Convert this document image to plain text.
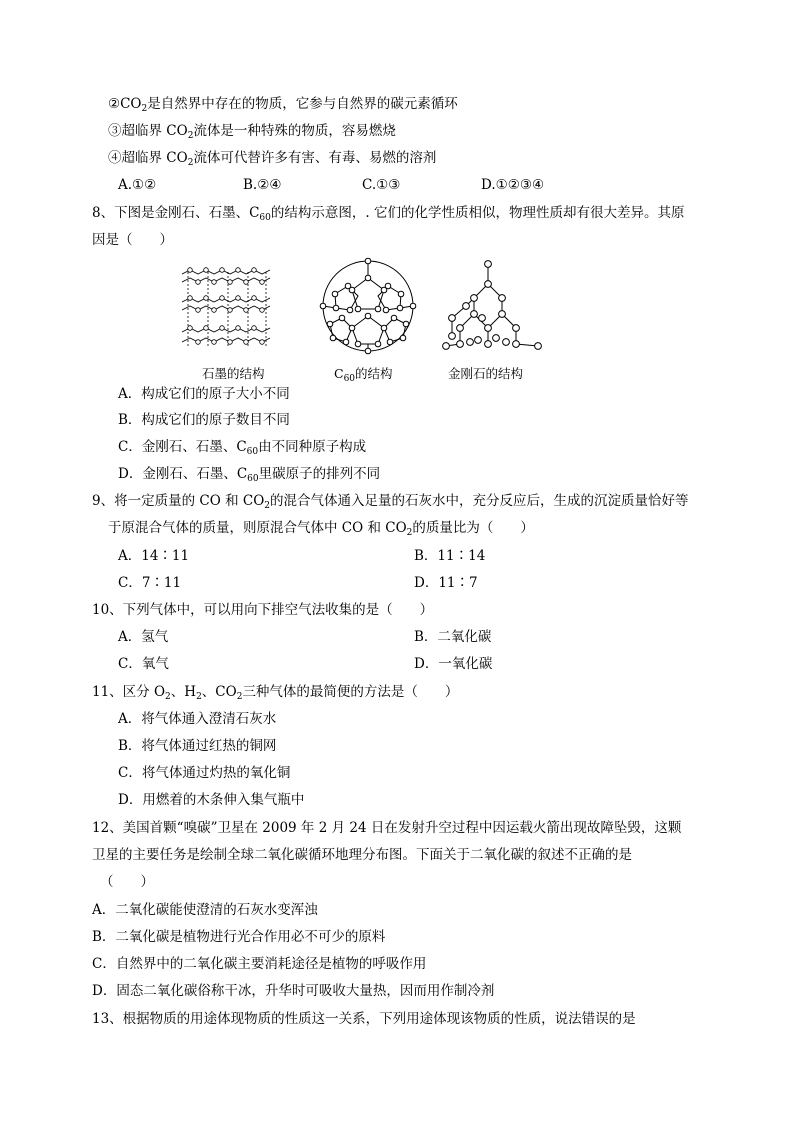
$②CO_2$是自然界中存在的物质，它参与自然界的碳元素循环
③超临界 $CO_2$流体是一种特殊的物质，容易燃烧
④超临界 $CO_2$流体可代替许多有害、有毒、易燃的溶剂
A.①②	B.②④	C.①③	D.①②③④
8、下图是金刚石、石墨、$C_{60}$的结构示意图，. 它们的化学性质相似，物理性质却有很大差异。其原
因是（　　）
石墨的结构	$C_{60}$的结构	金刚石的结构
A．构成它们的原子大小不同
B．构成它们的原子数目不同
C．金刚石、石墨、$C_{60}$由不同种原子构成
D．金刚石、石墨、$C_{60}$里碳原子的排列不同
9、将一定质量的 CO 和 $CO_2$的混合气体通入足量的石灰水中，充分反应后，生成的沉淀质量恰好等
于原混合气体的质量，则原混合气体中 CO 和 $CO_2$的质量比为（　　）
A．14∶11	B．11∶14
C．7∶11	D．11∶7
10、下列气体中，可以用向下排空气法收集的是（　　）
A．氢气	B．二氧化碳
C．氧气	D．一氧化碳
11、区分 $O_2$、$H_2$、$CO_2$三种气体的最简便的方法是（　　）
A．将气体通入澄清石灰水
B．将气体通过红热的铜网
C．将气体通过灼热的氧化铜
D．用燃着的木条伸入集气瓶中
12、美国首颗“嗅碳”卫星在 2009 年 2 月 24 日在发射升空过程中因运载火箭出现故障坠毁，这颗
卫星的主要任务是绘制全球二氧化碳循环地理分布图。下面关于二氧化碳的叙述不正确的是
（　　）
A．二氧化碳能使澄清的石灰水变浑浊
B．二氧化碳是植物进行光合作用必不可少的原料
C．自然界中的二氧化碳主要消耗途径是植物的呼吸作用
D．固态二氧化碳俗称干冰，升华时可吸收大量热，因而用作制冷剂
13、根据物质的用途体现物质的性质这一关系，下列用途体现该物质的性质，说法错误的是
